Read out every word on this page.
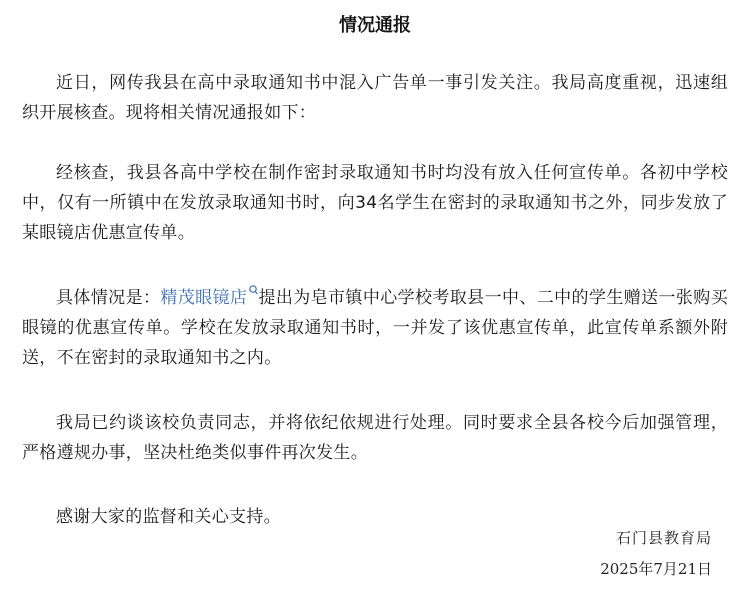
情况通报

近日，网传我县在高中录取通知书中混入广告单一事引发关注。我局高度重视，迅速组织开展核查。现将相关情况通报如下：

经核查，我县各高中学校在制作密封录取通知书时均没有放入任何宣传单。各初中学校中，仅有一所镇中在发放录取通知书时，向34名学生在密封的录取通知书之外，同步发放了某眼镜店优惠宣传单。

具体情况是：精茂眼镜店 提出为皂市镇中心学校考取县一中、二中的学生赠送一张购买眼镜的优惠宣传单。学校在发放录取通知书时，一并发了该优惠宣传单，此宣传单系额外附送，不在密封的录取通知书之内。

我局已约谈该校负责同志，并将依纪依规进行处理。同时要求全县各校今后加强管理，严格遵规办事，坚决杜绝类似事件再次发生。

感谢大家的监督和关心支持。

石门县教育局
2025年7月21日
